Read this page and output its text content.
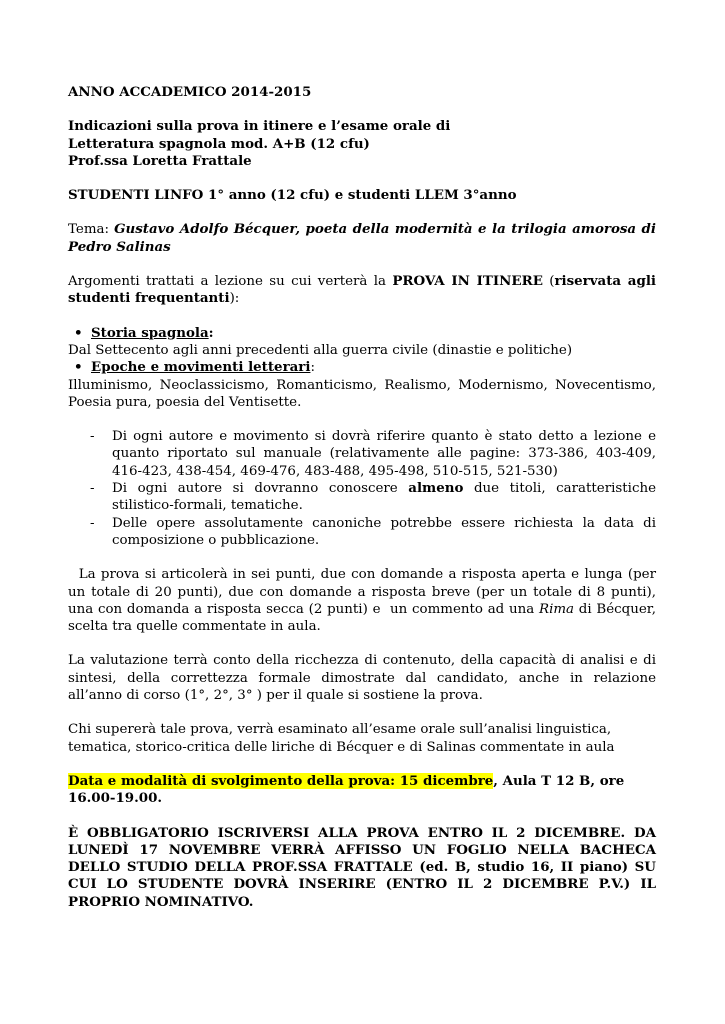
ANNO ACCADEMICO 2014-2015

Indicazioni sulla prova in itinere e l’esame orale di

Letteratura spagnola mod. A+B (12 cfu)

Prof.ssa Loretta Frattale

STUDENTI LINFO 1° anno (12 cfu) e studenti LLEM 3°anno

Tema: Gustavo Adolfo Bécquer, poeta della modernità e la trilogia amorosa di Pedro Salinas

Argomenti trattati a lezione su cui verterà la PROVA IN ITINERE (riservata agli studenti frequentanti):

• Storia spagnola:

Dal Settecento agli anni precedenti alla guerra civile (dinastie e politiche)

• Epoche e movimenti letterari:

Illuminismo, Neoclassicismo, Romanticismo, Realismo, Modernismo, Novecentismo, Poesia pura, poesia del Ventisette.

- Di ogni autore e movimento si dovrà riferire quanto è stato detto a lezione e quanto riportato sul manuale (relativamente alle pagine: 373-386, 403-409, 416-423, 438-454, 469-476, 483-488, 495-498, 510-515, 521-530)
- Di ogni autore si dovranno conoscere almeno due titoli, caratteristiche stilistico-formali, tematiche.
- Delle opere assolutamente canoniche potrebbe essere richiesta la data di composizione o pubblicazione.

La prova si articolerà in sei punti, due con domande a risposta aperta e lunga (per un totale di 20 punti), due con domande a risposta breve (per un totale di 8 punti), una con domanda a risposta secca (2 punti) e  un commento ad una Rima di Bécquer, scelta tra quelle commentate in aula.

La valutazione terrà conto della ricchezza di contenuto, della capacità di analisi e di sintesi, della correttezza formale dimostrate dal candidato, anche in relazione all’anno di corso (1°, 2°, 3° ) per il quale si sostiene la prova.

Chi supererà tale prova, verrà esaminato all’esame orale sull’analisi linguistica, tematica, storico-critica delle liriche di Bécquer e di Salinas commentate in aula

Data e modalità di svolgimento della prova: 15 dicembre, Aula T 12 B, ore 16.00-19.00.

È OBBLIGATORIO ISCRIVERSI ALLA PROVA ENTRO IL 2 DICEMBRE. DA LUNEDÌ 17 NOVEMBRE VERRÀ AFFISSO UN FOGLIO NELLA BACHECA DELLO STUDIO DELLA PROF.SSA FRATTALE (ed. B, studio 16, II piano) SU CUI LO STUDENTE DOVRÀ INSERIRE (ENTRO IL 2 DICEMBRE P.V.) IL PROPRIO NOMINATIVO.
